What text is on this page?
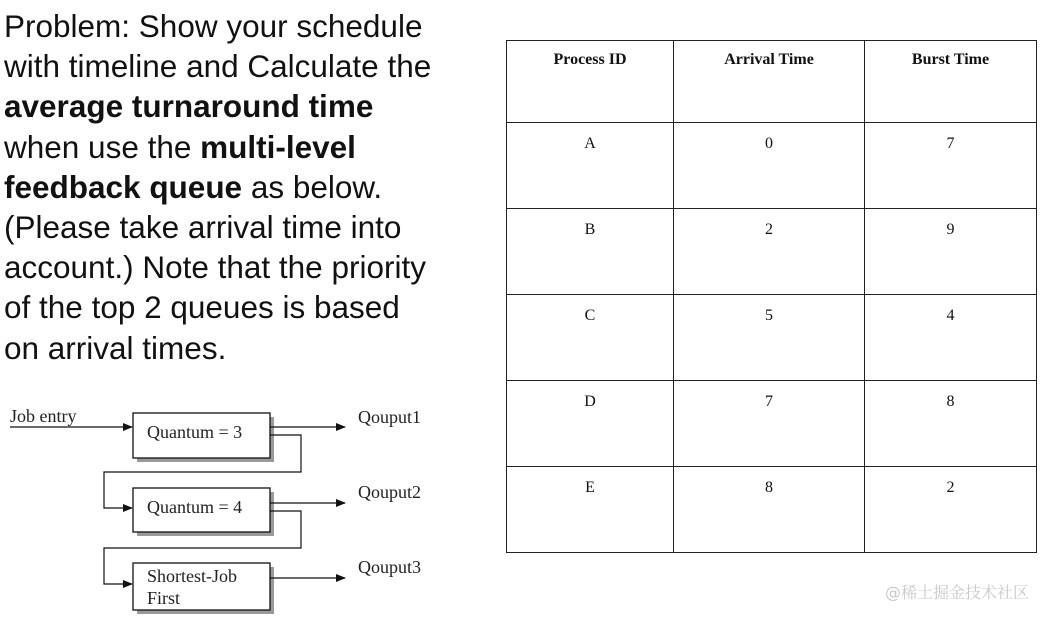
Problem: Show your schedule
with timeline and Calculate the
average turnaround time
when use the multi-level
feedback queue as below.
(Please take arrival time into
account.) Note that the priority
of the top 2 queues is based
on arrival times.
Process ID	Arrival Time	Burst Time
A	0	7
B	2	9
C	5	4
D	7	8
E	8	2
Job entry
Quantum = 3
Qouput1
Quantum = 4
Qouput2
Shortest-Job
First
Qouput3
@稀土掘金技术社区
